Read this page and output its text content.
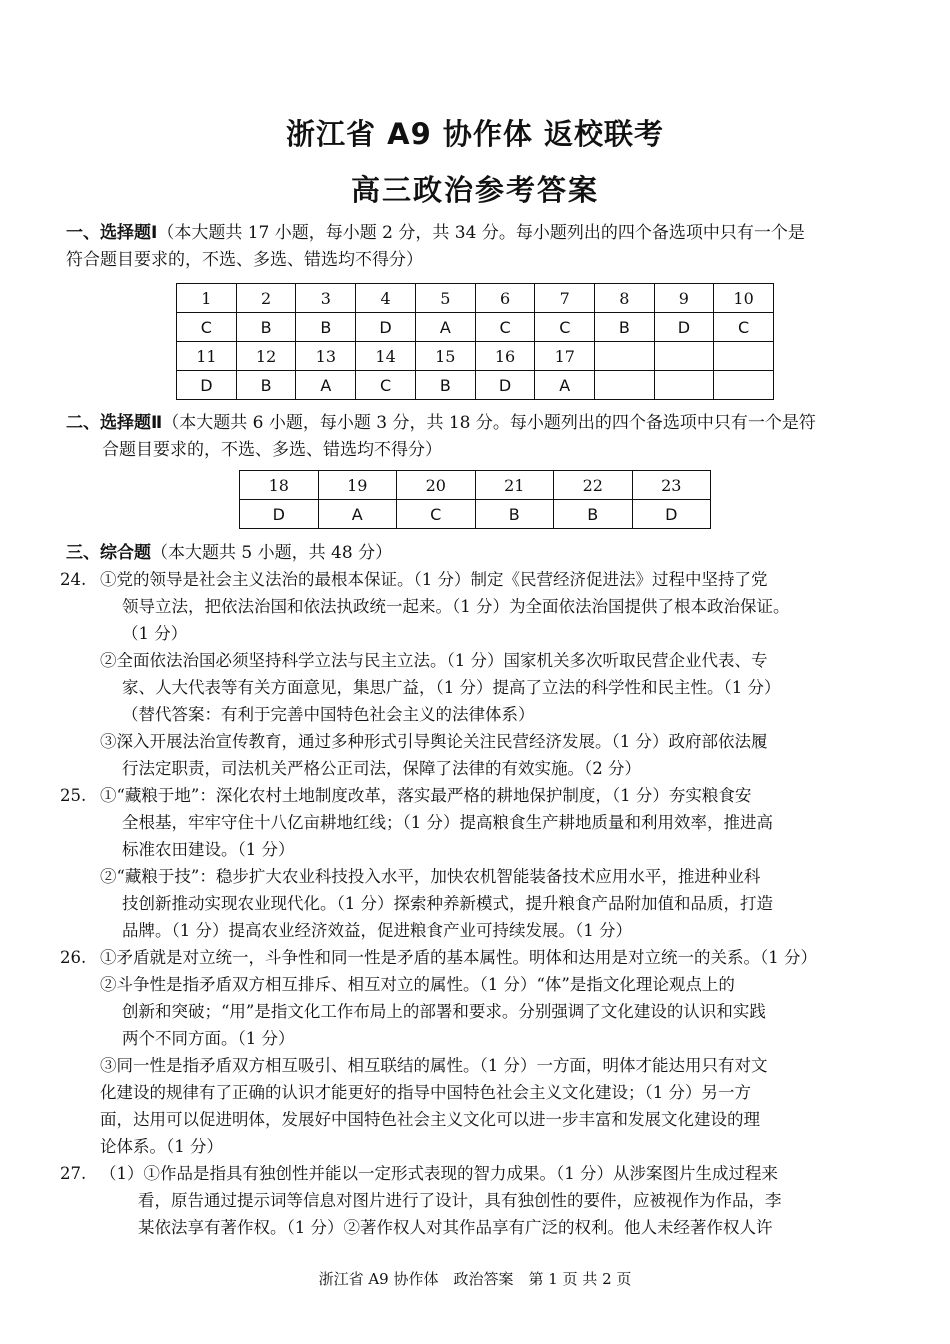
浙江省 A9 协作体 返校联考
高三政治参考答案
一、选择题Ⅰ（本大题共 17 小题，每小题 2 分，共 34 分。每小题列出的四个备选项中只有一个是
符合题目要求的，不选、多选、错选均不得分）
1	2	3	4	5	6	7	8	9	10
C	B	B	D	A	C	C	B	D	C
11	12	13	14	15	16	17			
D	B	A	C	B	D	A			
二、选择题Ⅱ（本大题共 6 小题，每小题 3 分，共 18 分。每小题列出的四个备选项中只有一个是符
合题目要求的，不选、多选、错选均不得分）
18	19	20	21	22	23
D	A	C	B	B	D
三、综合题（本大题共 5 小题，共 48 分）

24. ①党的领导是社会主义法治的最根本保证。（1 分）制定《民营经济促进法》过程中坚持了党

领导立法，把依法治国和依法执政统一起来。（1 分）为全面依法治国提供了根本政治保证。

（1 分）

②全面依法治国必须坚持科学立法与民主立法。（1 分）国家机关多次听取民营企业代表、专

家、人大代表等有关方面意见，集思广益，（1 分）提高了立法的科学性和民主性。（1 分）

（替代答案：有利于完善中国特色社会主义的法律体系）

③深入开展法治宣传教育，通过多种形式引导舆论关注民营经济发展。（1 分）政府部依法履

行法定职责，司法机关严格公正司法，保障了法律的有效实施。（2 分）

25. ①“藏粮于地”：深化农村土地制度改革，落实最严格的耕地保护制度，（1 分）夯实粮食安

全根基，牢牢守住十八亿亩耕地红线；（1 分）提高粮食生产耕地质量和利用效率，推进高

标准农田建设。（1 分）

②“藏粮于技”：稳步扩大农业科技投入水平，加快农机智能装备技术应用水平，推进种业科

技创新推动实现农业现代化。（1 分）探索种养新模式，提升粮食产品附加值和品质，打造

品牌。（1 分）提高农业经济效益，促进粮食产业可持续发展。（1 分）

26. ①矛盾就是对立统一，斗争性和同一性是矛盾的基本属性。明体和达用是对立统一的关系。（1 分）

②斗争性是指矛盾双方相互排斥、相互对立的属性。（1 分）“体”是指文化理论观点上的

创新和突破；“用”是指文化工作布局上的部署和要求。分别强调了文化建设的认识和实践

两个不同方面。（1 分）

③同一性是指矛盾双方相互吸引、相互联结的属性。（1 分）一方面，明体才能达用只有对文

化建设的规律有了正确的认识才能更好的指导中国特色社会主义文化建设；（1 分）另一方

面，达用可以促进明体，发展好中国特色社会主义文化可以进一步丰富和发展文化建设的理

论体系。（1 分）

27. （1）①作品是指具有独创性并能以一定形式表现的智力成果。（1 分）从涉案图片生成过程来

看，原告通过提示词等信息对图片进行了设计，具有独创性的要件，应被视作为作品，李

某依法享有著作权。（1 分）②著作权人对其作品享有广泛的权利。他人未经著作权人许

浙江省 A9 协作体　政治答案　第 1 页 共 2 页
